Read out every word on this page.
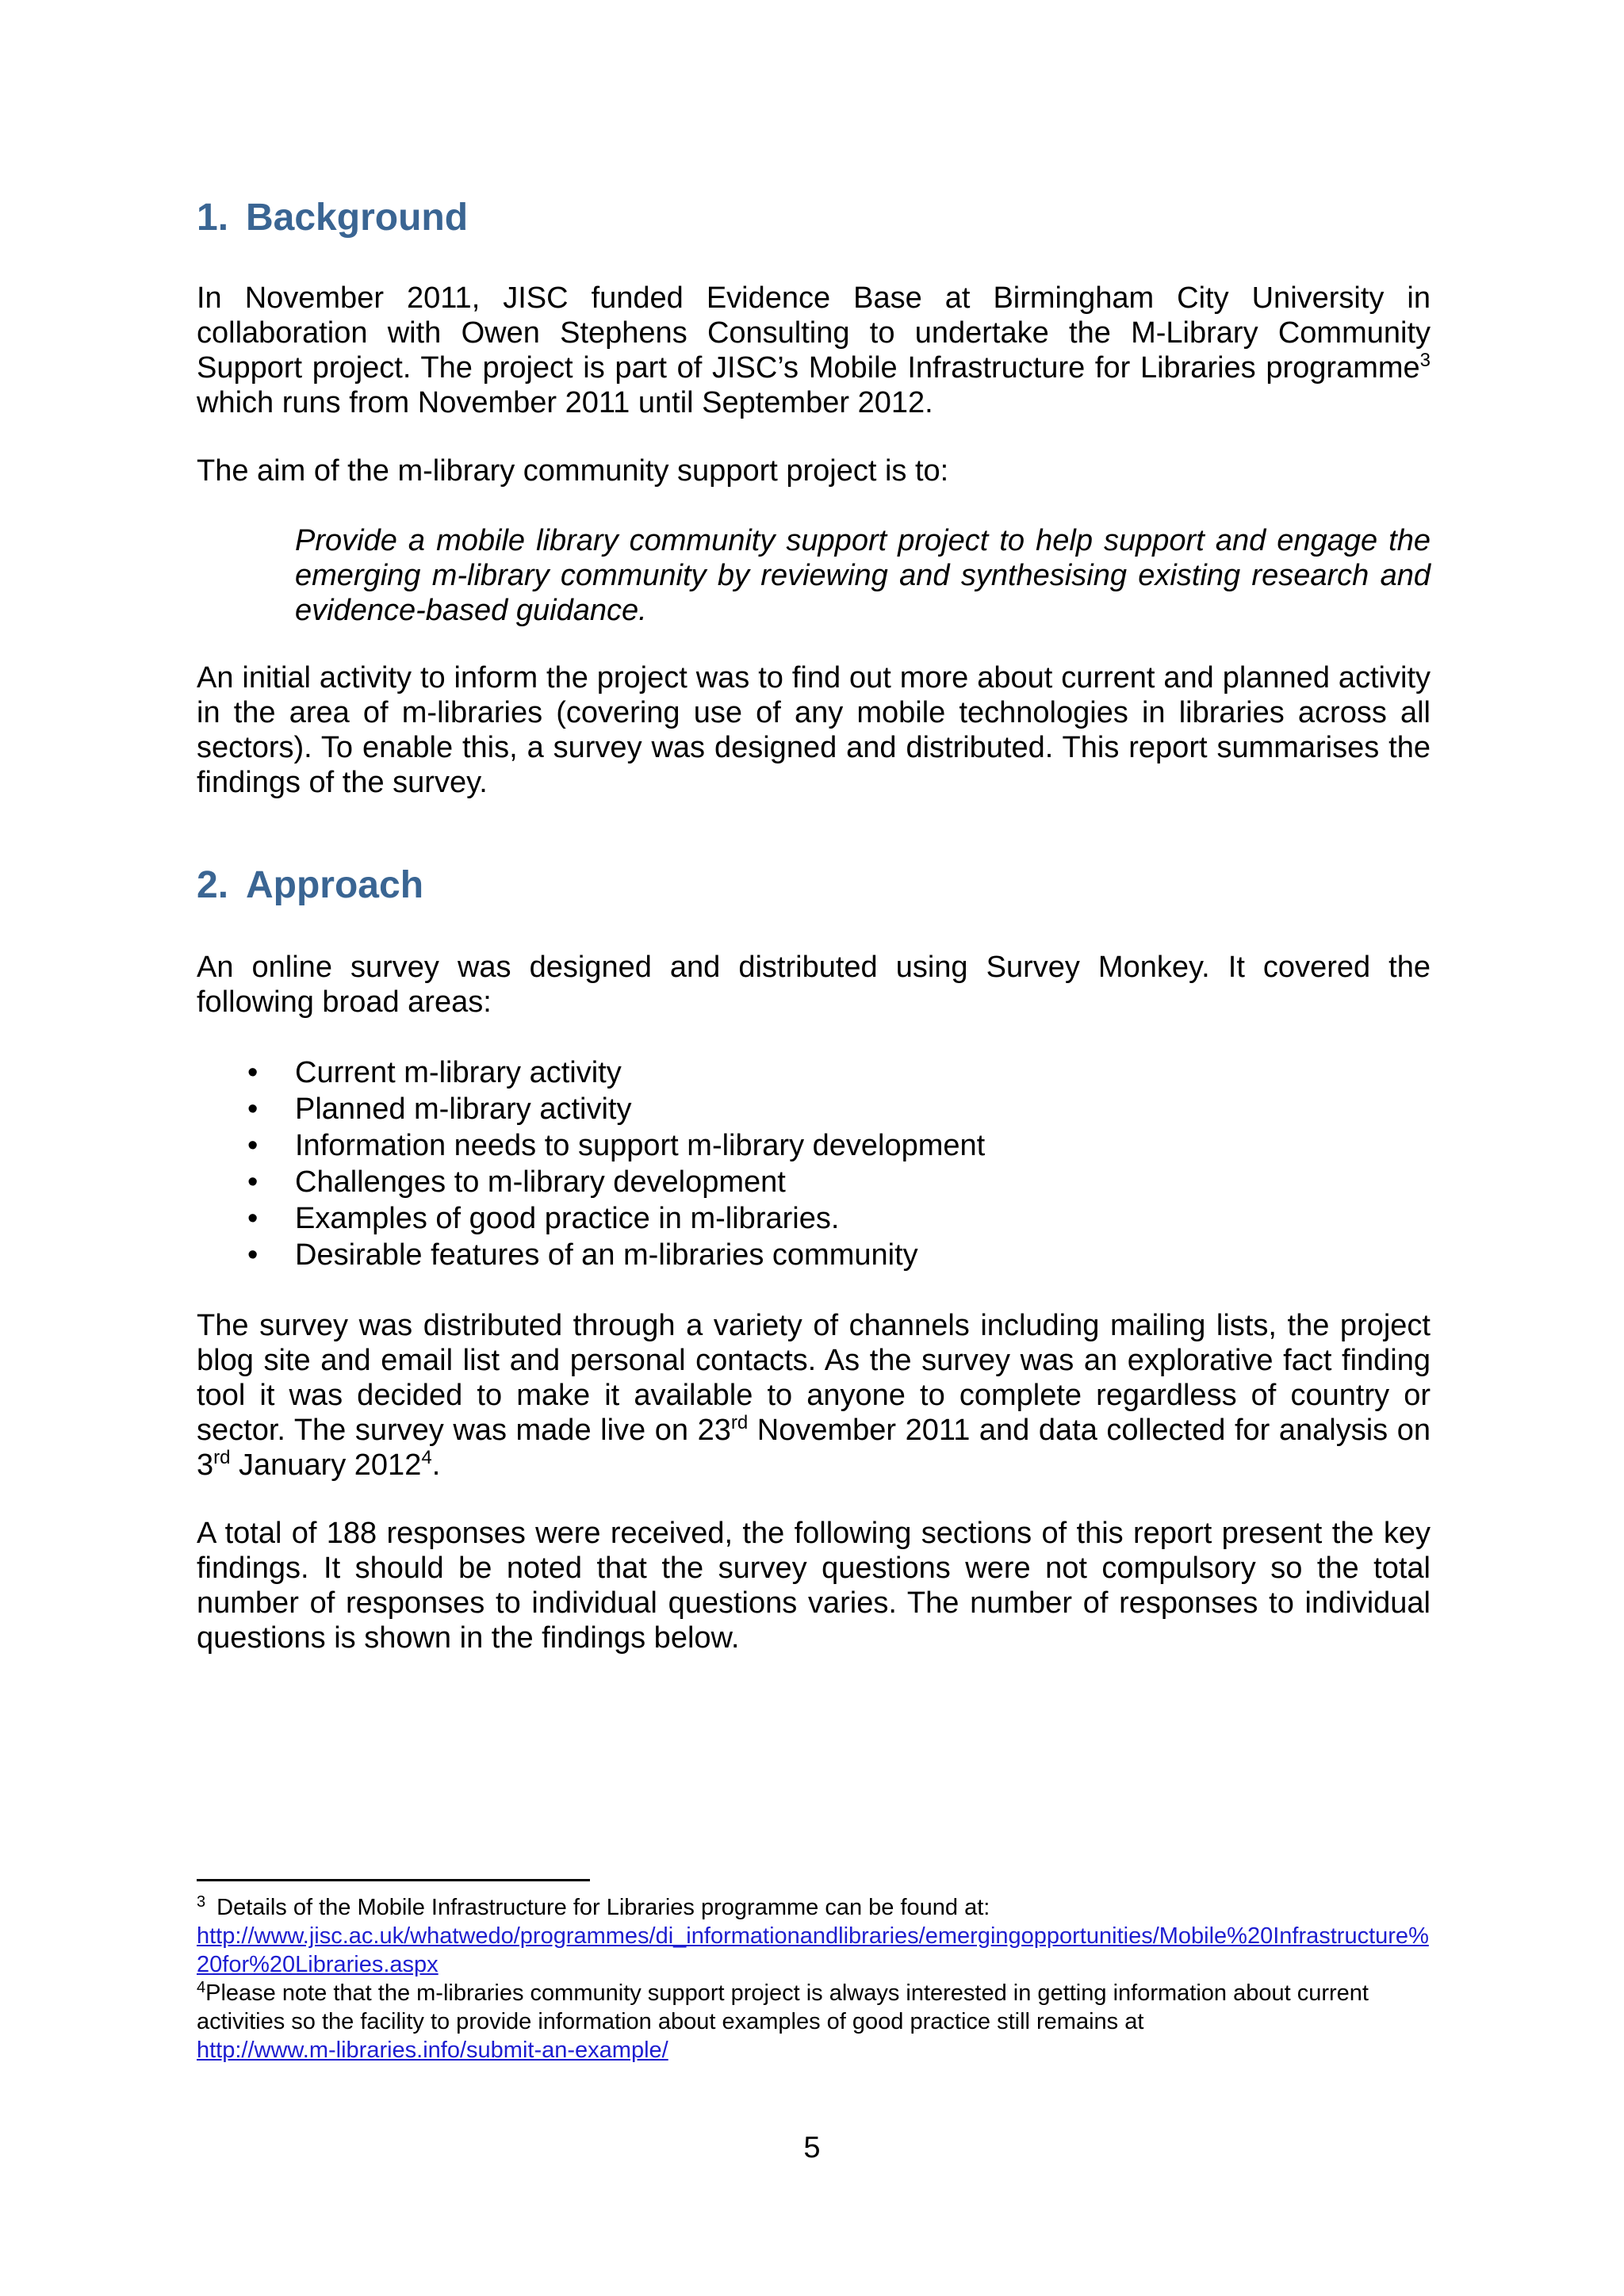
1. Background

In November 2011, JISC funded Evidence Base at Birmingham City University in collaboration with Owen Stephens Consulting to undertake the M-Library Community Support project. The project is part of JISC’s Mobile Infrastructure for Libraries programme$^3$ which runs from November 2011 until September 2012.

The aim of the m-library community support project is to:

Provide a mobile library community support project to help support and engage the emerging m-library community by reviewing and synthesising existing research and evidence-based guidance.

An initial activity to inform the project was to find out more about current and planned activity in the area of m-libraries (covering use of any mobile technologies in libraries across all sectors). To enable this, a survey was designed and distributed. This report summarises the findings of the survey.

2. Approach

An online survey was designed and distributed using Survey Monkey. It covered the following broad areas:

• Current m-library activity
• Planned m-library activity
• Information needs to support m-library development
• Challenges to m-library development
• Examples of good practice in m-libraries.
• Desirable features of an m-libraries community

The survey was distributed through a variety of channels including mailing lists, the project blog site and email list and personal contacts. As the survey was an explorative fact finding tool it was decided to make it available to anyone to complete regardless of country or sector. The survey was made live on 23rd November 2011 and data collected for analysis on 3rd January 2012$^4$.

A total of 188 responses were received, the following sections of this report present the key findings. It should be noted that the survey questions were not compulsory so the total number of responses to individual questions varies. The number of responses to individual questions is shown in the findings below.

$^3$ Details of the Mobile Infrastructure for Libraries programme can be found at:
http://www.jisc.ac.uk/whatwedo/programmes/di_informationandlibraries/emergingopportunities/Mobile%20Infrastructure%20for%20Libraries.aspx
$^4$Please note that the m-libraries community support project is always interested in getting information about current activities so the facility to provide information about examples of good practice still remains at
http://www.m-libraries.info/submit-an-example/
5
